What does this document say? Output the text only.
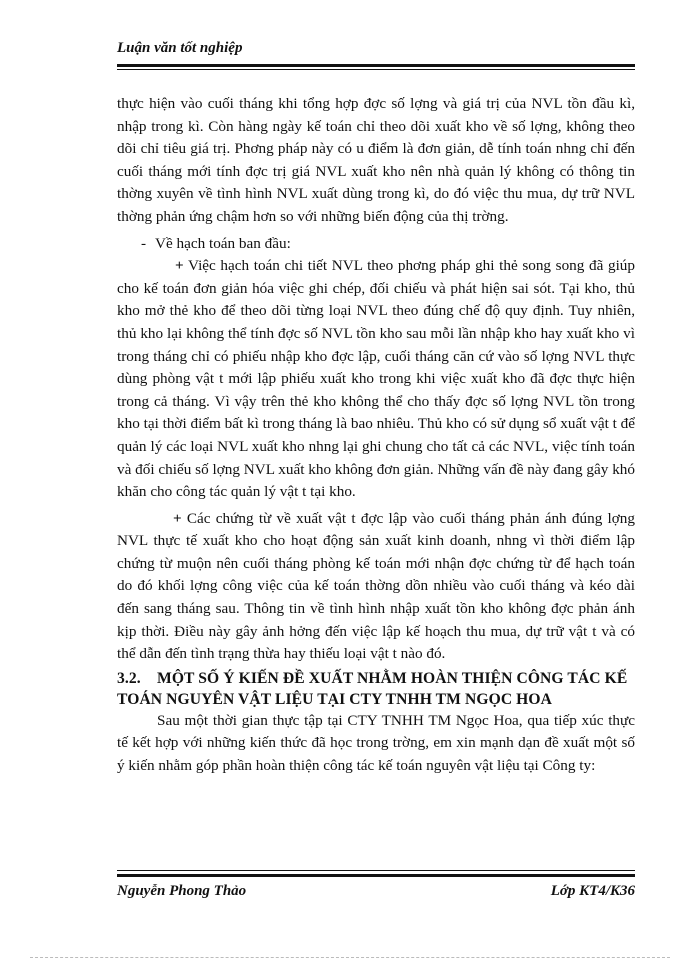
Luận văn tốt nghiệp

thực hiện vào cuối tháng khi tổng hợp đợc số lợng và giá trị của NVL tồn đầu kì, nhập trong kì. Còn hàng ngày kế toán chỉ theo dõi xuất kho về số lợng, không theo dõi chỉ tiêu giá trị. Phơng pháp này có u điểm là đơn giản, dễ tính toán nhng chỉ đến cuối tháng mới tính đợc trị giá NVL xuất kho nên nhà quản lý không có thông tin thờng xuyên về tình hình NVL xuất dùng trong kì, do đó việc thu mua, dự trữ NVL thờng phản ứng chậm hơn so với những biến động của thị trờng.

- Về hạch toán ban đầu:

+ Việc hạch toán chi tiết NVL theo phơng pháp ghi thẻ song song đã giúp cho kế toán đơn giản hóa việc ghi chép, đối chiếu và phát hiện sai sót. Tại kho, thủ kho mở thẻ kho để theo dõi từng loại NVL theo đúng chế độ quy định. Tuy nhiên, thủ kho lại không thể tính đợc số NVL tồn kho sau mỗi lần nhập kho hay xuất kho vì trong tháng chỉ có phiếu nhập kho đợc lập, cuối tháng căn cứ vào số lợng NVL thực dùng phòng vật t mới lập phiếu xuất kho trong khi việc xuất kho đã đợc thực hiện trong cả tháng. Vì vậy trên thẻ kho không thể cho thấy đợc số lợng NVL tồn trong kho tại thời điểm bất kì trong tháng là bao nhiêu. Thủ kho có sử dụng sổ xuất vật t để quản lý các loại NVL xuất kho nhng lại ghi chung cho tất cả các NVL, việc tính toán và đối chiếu số lợng NVL xuất kho không đơn giản. Những vấn đề này đang gây khó khăn cho công tác quản lý vật t tại kho.

+ Các chứng từ về xuất vật t đợc lập vào cuối tháng phản ánh đúng lợng NVL thực tế xuất kho cho hoạt động sản xuất kinh doanh, nhng vì thời điểm lập chứng từ muộn nên cuối tháng phòng kế toán mới nhận đợc chứng từ để hạch toán do đó khối lợng công việc của kế toán thờng dồn nhiều vào cuối tháng và kéo dài đến sang tháng sau. Thông tin về tình hình nhập xuất tồn kho không đợc phản ánh kịp thời. Điều này gây ảnh hởng đến việc lập kế hoạch thu mua, dự trữ vật t và có thể dẫn đến tình trạng thừa hay thiếu loại vật t nào đó.

3.2. MỘT SỐ Ý KIẾN ĐỀ XUẤT NHẰM HOÀN THIỆN CÔNG TÁC KẾ TOÁN NGUYÊN VẬT LIỆU TẠI CTY TNHH TM NGỌC HOA

Sau một thời gian thực tập tại CTY TNHH TM Ngọc Hoa, qua tiếp xúc thực tế kết hợp với những kiến thức đã học trong trờng, em xin mạnh dạn đề xuất một số ý kiến nhằm góp phần hoàn thiện công tác kế toán nguyên vật liệu tại Công ty:

Nguyễn Phong Thảo	Lớp KT4/K36
